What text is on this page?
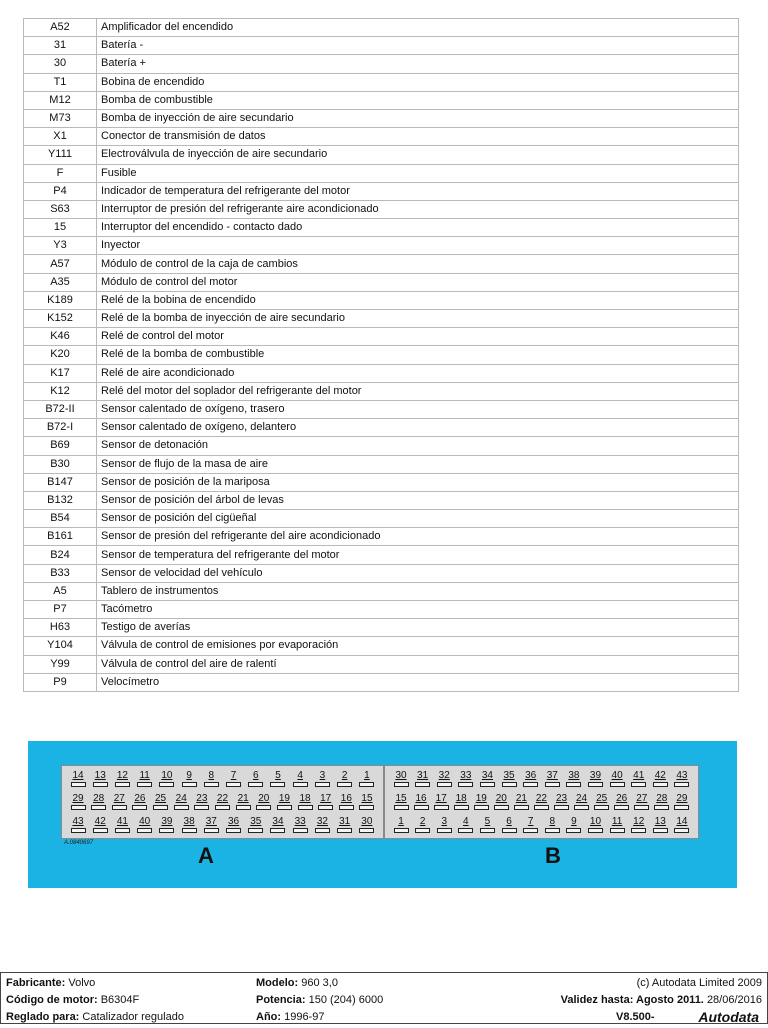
A52	Amplificador del encendido
31	Batería -
30	Batería +
T1	Bobina de encendido
M12	Bomba de combustible
M73	Bomba de inyección de aire secundario
X1	Conector de transmisión de datos
Y111	Electroválvula de inyección de aire secundario
F	Fusible
P4	Indicador de temperatura del refrigerante del motor
S63	Interruptor de presión del refrigerante aire acondicionado
15	Interruptor del encendido - contacto dado
Y3	Inyector
A57	Módulo de control de la caja de cambios
A35	Módulo de control del motor
K189	Relé de la bobina de encendido
K152	Relé de la bomba de inyección de aire secundario
K46	Relé de control del motor
K20	Relé de la bomba de combustible
K17	Relé de aire acondicionado
K12	Relé del motor del soplador del refrigerante del motor
B72-II	Sensor calentado de oxígeno, trasero
B72-I	Sensor calentado de oxígeno, delantero
B69	Sensor de detonación
B30	Sensor de flujo de la masa de aire
B147	Sensor de posición de la mariposa
B132	Sensor de posición del árbol de levas
B54	Sensor de posición del cigüeñal
B161	Sensor de presión del refrigerante del aire acondicionado
B24	Sensor de temperatura del refrigerante del motor
B33	Sensor de velocidad del vehículo
A5	Tablero de instrumentos
P7	Tacómetro
H63	Testigo de averías
Y104	Válvula de control de emisiones por evaporación
Y99	Válvula de control del aire de ralentí
P9	Velocímetro
14 13 12 11 10 9 8 7 6 5 4 3 2 1
29 28 27 26 25 24 23 22 21 20 19 18 17 16 15
43 42 41 40 39 38 37 36 35 34 33 32 31 30
30 31 32 33 34 35 36 37 38 39 40 41 42 43
15 16 17 18 19 20 21 22 23 24 25 26 27 28 29
1 2 3 4 5 6 7 8 9 10 11 12 13 14
A.0840697	A	B
Fabricante: Volvo	Modelo: 960 3,0	(c) Autodata Limited 2009
Código de motor: B6304F	Potencia: 150 (204) 6000	Validez hasta: Agosto 2011. 28/06/2016
Reglado para: Catalizador regulado	Año: 1996-97	V8.500-	Autodata
